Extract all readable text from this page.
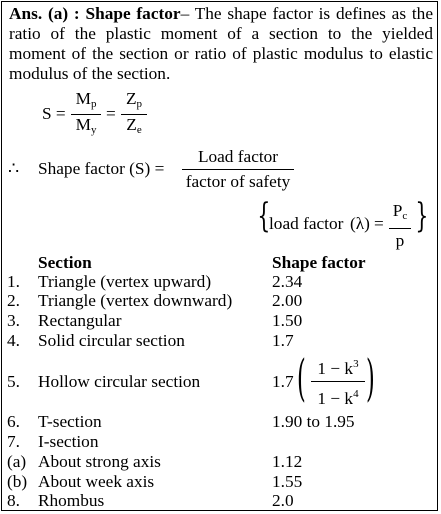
Ans. (a) : Shape factor– The shape factor is defines as the ratio of the plastic moment of a section to the yielded moment of the section or ratio of plastic modulus to elastic modulus of the section.
S =
$M_p$
$M_y$
=
$Z_p$
$Z_e$
∴ Shape factor (S) =
Load factor
factor of safety
{
load factor (λ) =
$P_c$
p
}
Section	Shape factor
1. Triangle (vertex upward)	2.34
2. Triangle (vertex downward) 2.00
3. Rectangular	1.50
4. Solid circular section	1.7
5. Hollow circular section	1.7 ( $1 - k^3$
$1 - k^4$ )
6. T-section	1.90 to 1.95
7. I-section
(a) About strong axis	1.12
(b) About week axis	1.55
8. Rhombus	2.0
